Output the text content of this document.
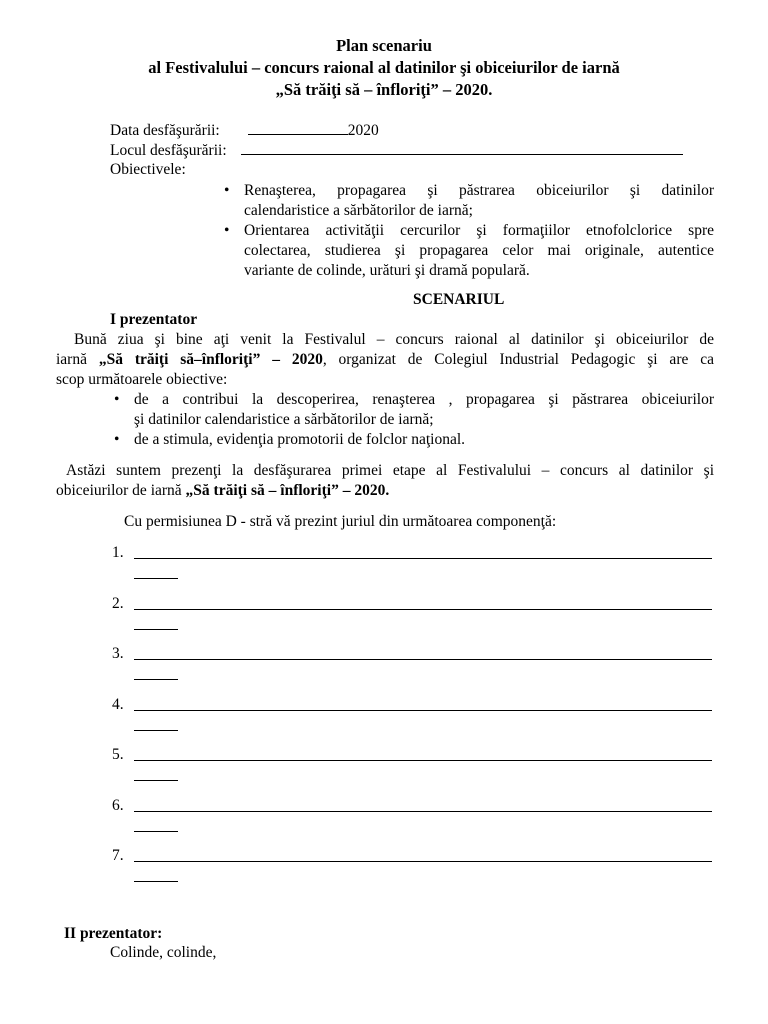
Plan scenariu
al Festivalului – concurs raional al datinilor şi obiceiurilor de iarnă
„Să trăiţi să – înfloriţi” – 2020.
Data desfăşurării:	2020
Locul desfăşurării:
Obiectivele:
• Renaşterea, propagarea şi păstrarea obiceiurilor şi datinilor
calendaristice a sărbătorilor de iarnă;
• Orientarea activităţii cercurilor şi formaţiilor etnofolclorice spre
colectarea, studierea şi propagarea celor mai originale, autentice
variante de colinde, urături şi dramă populară.
SCENARIUL
I prezentator
Bună ziua şi bine aţi venit la Festivalul – concurs raional al datinilor şi obiceiurilor de
iarnă „Să trăiţi să–înfloriţi” – 2020, organizat de Colegiul Industrial Pedagogic şi are ca
scop următoarele obiective:
• de a contribui la descoperirea, renaşterea , propagarea şi păstrarea obiceiurilor
şi datinilor calendaristice a sărbătorilor de iarnă;
• de a stimula, evidenţia promotorii de folclor naţional.
Astăzi suntem prezenţi la desfăşurarea primei etape al Festivalului – concurs al datinilor şi
obiceiurilor de iarnă „Să trăiţi să – înfloriţi” – 2020.
Cu permisiunea D - stră vă prezint juriul din următoarea componenţă:
1.
2.
3.
4.
5.
6.
7.
II prezentator:
Colinde, colinde,
